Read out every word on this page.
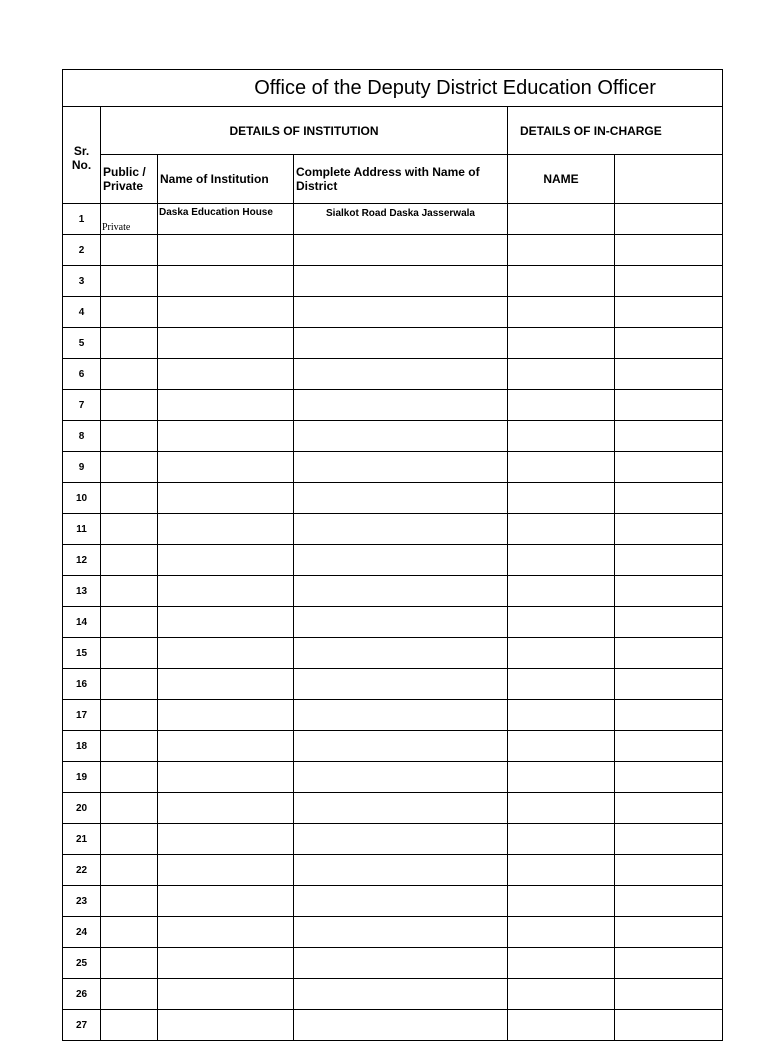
Office of the Deputy District Education Officer					
Sr. No.	DETAILS OF INSTITUTION			DETAILS OF IN-CHARGE	
	Public / Private	Name of Institution	Complete Address with Name of District	NAME	
1	Private	Daska Education House	Sialkot Road Daska Jasserwala		
2					
3					
4					
5					
6					
7					
8					
9					
10					
11					
12					
13					
14					
15					
16					
17					
18					
19					
20					
21					
22					
23					
24					
25					
26					
27					
